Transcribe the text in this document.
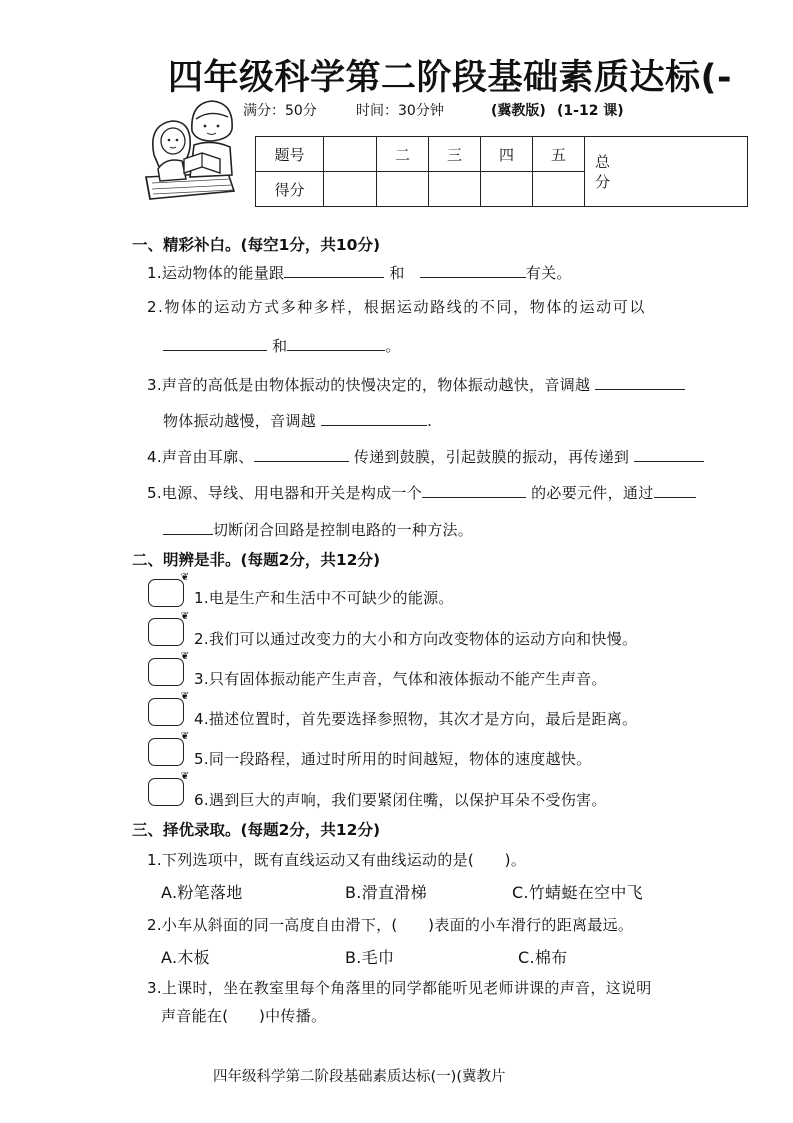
四年级科学第二阶段基础素质达标(-
满分：50分	时间：30分钟	(冀教版) (1-12 课)
题号		二	三	四	五	总分

得分						
一、精彩补白。(每空1分，共10分)
1.运动物体的能量跟	和	有关。
2.物体的运动方式多种多样，根据运动路线的不同，物体的运动可以
和	。
3.声音的高低是由物体振动的快慢决定的，物体振动越快，音调越
物体振动越慢，音调越	.
4.声音由耳廓、	传递到鼓膜，引起鼓膜的振动，再传递到
5.电源、导线、用电器和开关是构成一个	的必要元件，通过
切断闭合回路是控制电路的一种方法。
二、明辨是非。(每题2分，共12分)
❦
1.电是生产和生活中不可缺少的能源。
❦
2.我们可以通过改变力的大小和方向改变物体的运动方向和快慢。
❦
3.只有固体振动能产生声音，气体和液体振动不能产生声音。
❦
4.描述位置时，首先要选择参照物，其次才是方向，最后是距离。
❦
5.同一段路程，通过时所用的时间越短，物体的速度越快。
❦
6.遇到巨大的声响，我们要紧闭住嘴，以保护耳朵不受伤害。
三、择优录取。(每题2分，共12分)
1.下列选项中，既有直线运动又有曲线运动的是(　　)。
A.粉笔落地	B.滑直滑梯	C.竹蜻蜓在空中飞
2.小车从斜面的同一高度自由滑下，(　　)表面的小车滑行的距离最远。
A.木板	B.毛巾	C.棉布
3.上课时，坐在教室里每个角落里的同学都能听见老师讲课的声音，这说明
声音能在(　　)中传播。
四年级科学第二阶段基础素质达标(一)(冀教片
